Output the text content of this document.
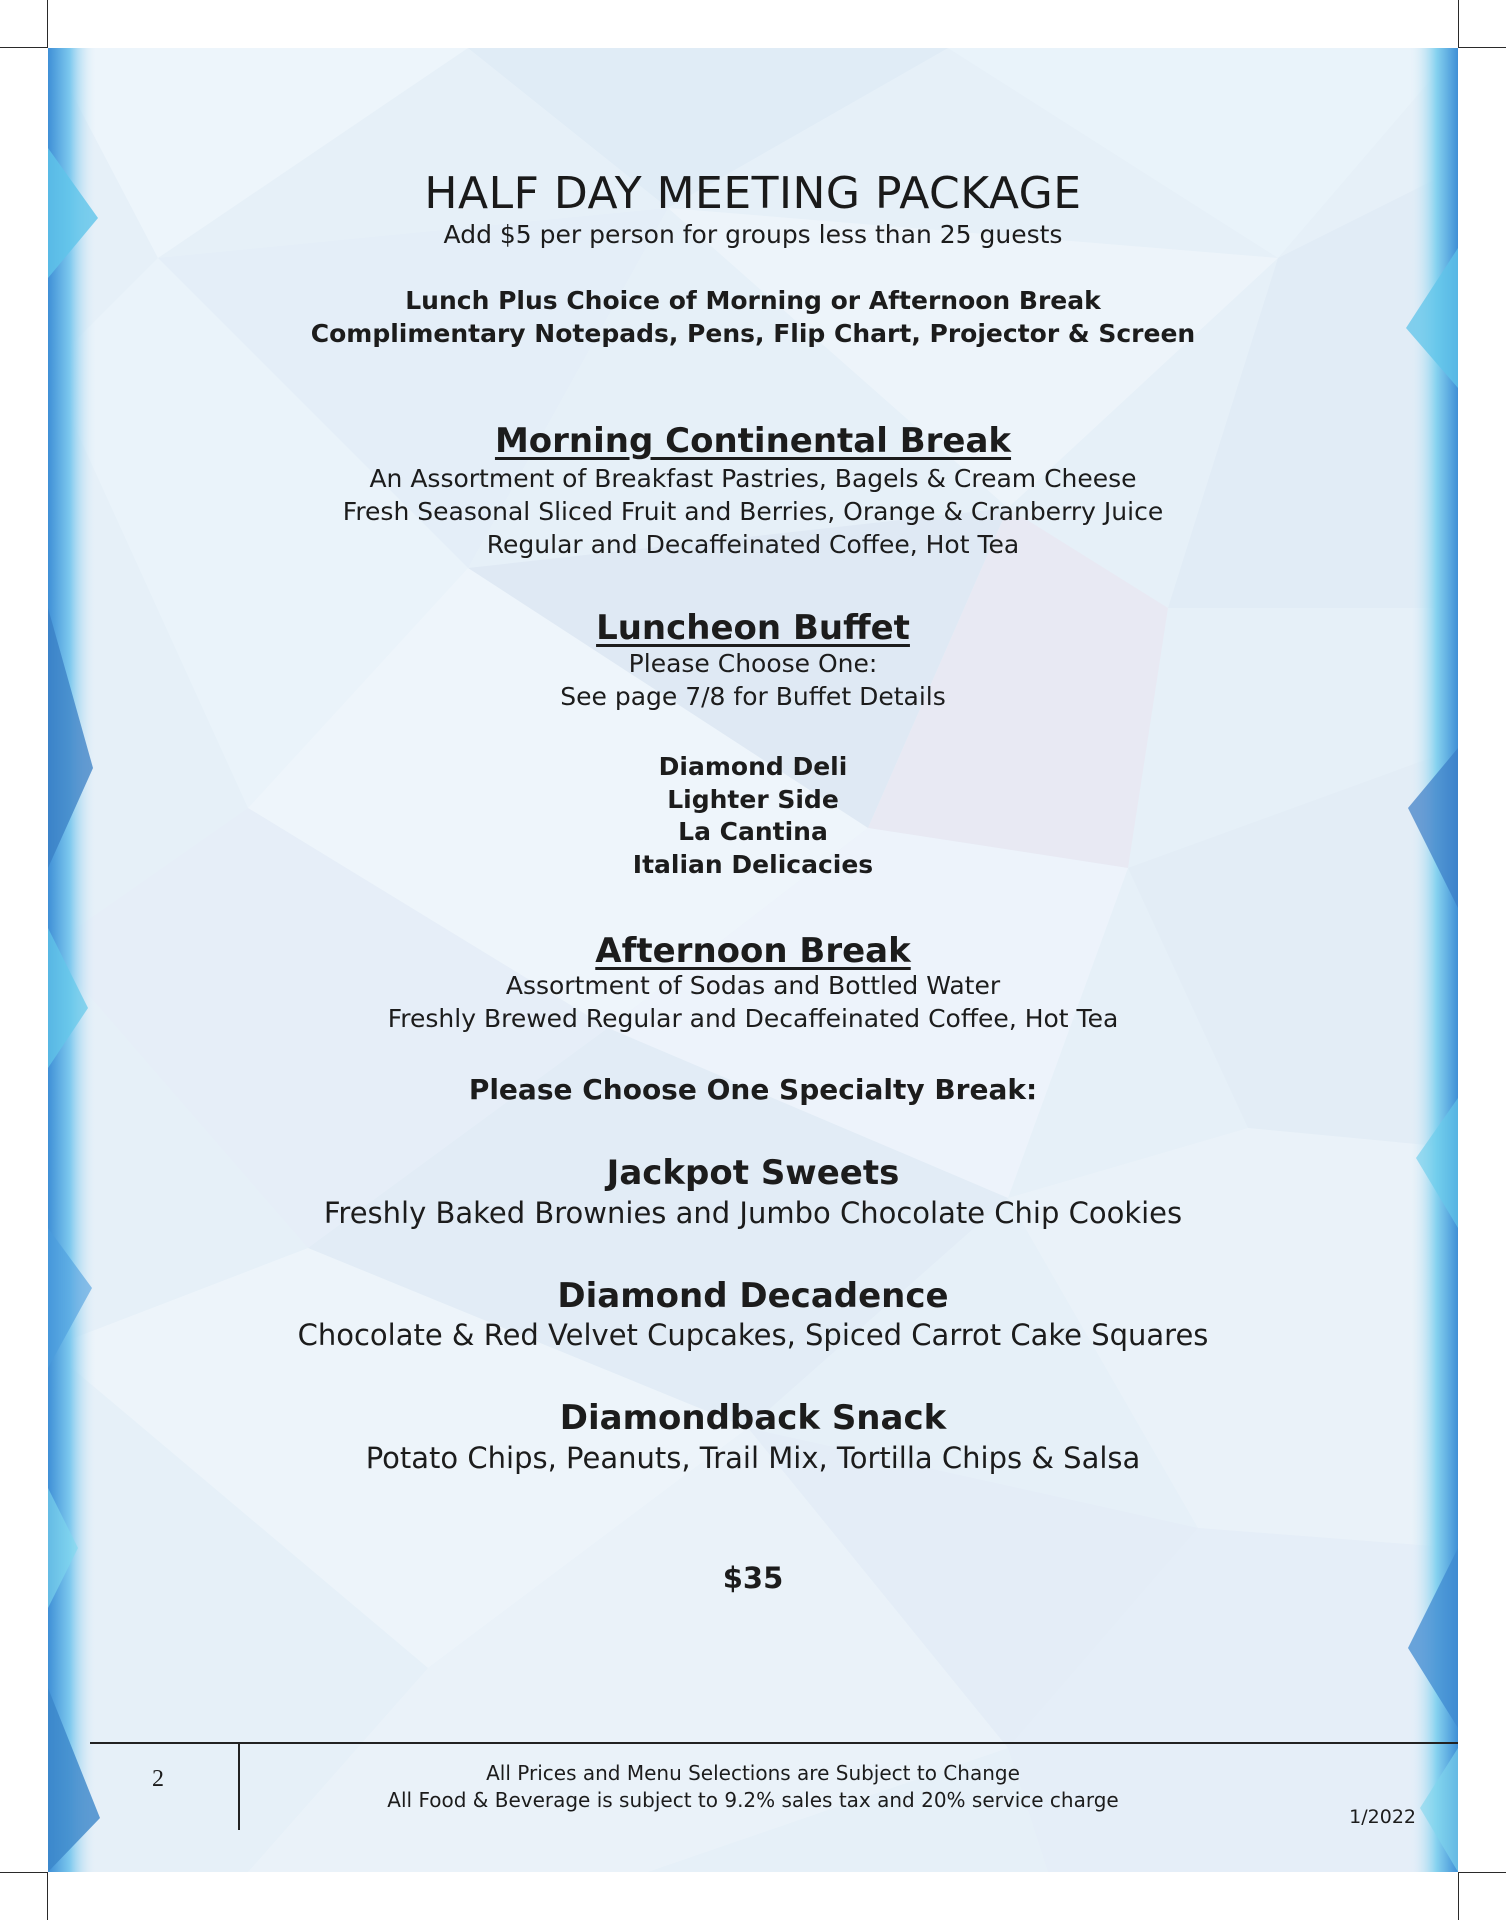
HALF DAY MEETING PACKAGE
Add $5 per person for groups less than 25 guests
Lunch Plus Choice of Morning or Afternoon Break
Complimentary Notepads, Pens, Flip Chart, Projector & Screen
Morning Continental Break
An Assortment of Breakfast Pastries, Bagels & Cream Cheese
Fresh Seasonal Sliced Fruit and Berries, Orange & Cranberry Juice
Regular and Decaffeinated Coffee, Hot Tea
Luncheon Buffet
Please Choose One:
See page 7/8 for Buffet Details
Diamond Deli
Lighter Side
La Cantina
Italian Delicacies
Afternoon Break
Assortment of Sodas and Bottled Water
Freshly Brewed Regular and Decaffeinated Coffee, Hot Tea
Please Choose One Specialty Break:
Jackpot Sweets
Freshly Baked Brownies and Jumbo Chocolate Chip Cookies
Diamond Decadence
Chocolate & Red Velvet Cupcakes, Spiced Carrot Cake Squares
Diamondback Snack
Potato Chips, Peanuts, Trail Mix, Tortilla Chips & Salsa
$35
2	All Prices and Menu Selections are Subject to Change
All Food & Beverage is subject to 9.2% sales tax and 20% service charge
1/2022
